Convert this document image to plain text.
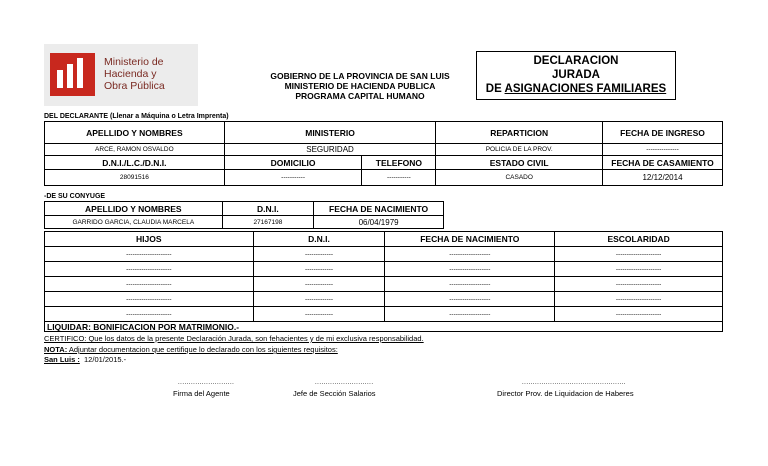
Ministerio de
Hacienda y
Obra Pública
GOBIERNO DE LA PROVINCIA DE SAN LUIS
MINISTERIO DE HACIENDA PUBLICA
PROGRAMA CAPITAL HUMANO
DECLARACION
JURADA
DE ASIGNACIONES FAMILIARES
DEL DECLARANTE (Llenar a Máquina o Letra Imprenta)
APELLIDO Y NOMBRES	MINISTERIO		REPARTICION	FECHA DE INGRESO
ARCE, RAMON OSVALDO	SEGURIDAD		POLICIA DE LA PROV.	---------------
D.N.I./L.C./D.N.I.	DOMICILIO	TELEFONO	ESTADO CIVIL	FECHA DE CASAMIENTO
28091516	-----------	-----------	CASADO	12/12/2014
-DE SU CONYUGE
APELLIDO Y NOMBRES	D.N.I.	FECHA DE NACIMIENTO
GARRIDO GARCIA, CLAUDIA MARCELA	27167198	06/04/1979
HIJOS	D.N.I.	FECHA DE NACIMIENTO	ESCOLARIDAD
---------------------	-------------	-------------------	---------------------
---------------------	-------------	-------------------	---------------------
---------------------	-------------	-------------------	---------------------
---------------------	-------------	-------------------	---------------------
---------------------	-------------	-------------------	---------------------
LIQUIDAR: BONIFICACION POR MATRIMONIO.-
CERTIFICO: Que los datos de la presente Declaración Jurada, son fehacientes y de mi exclusiva responsabilidad.
NOTA: Adjuntar documentacion que certifique lo declarado con los siguientes requisitos:
San Luis : 12/01/2015.-
..........................	...........................	................................................
Firma del Agente	Jefe de Sección Salarios	Director Prov. de Liquidacion de Haberes
